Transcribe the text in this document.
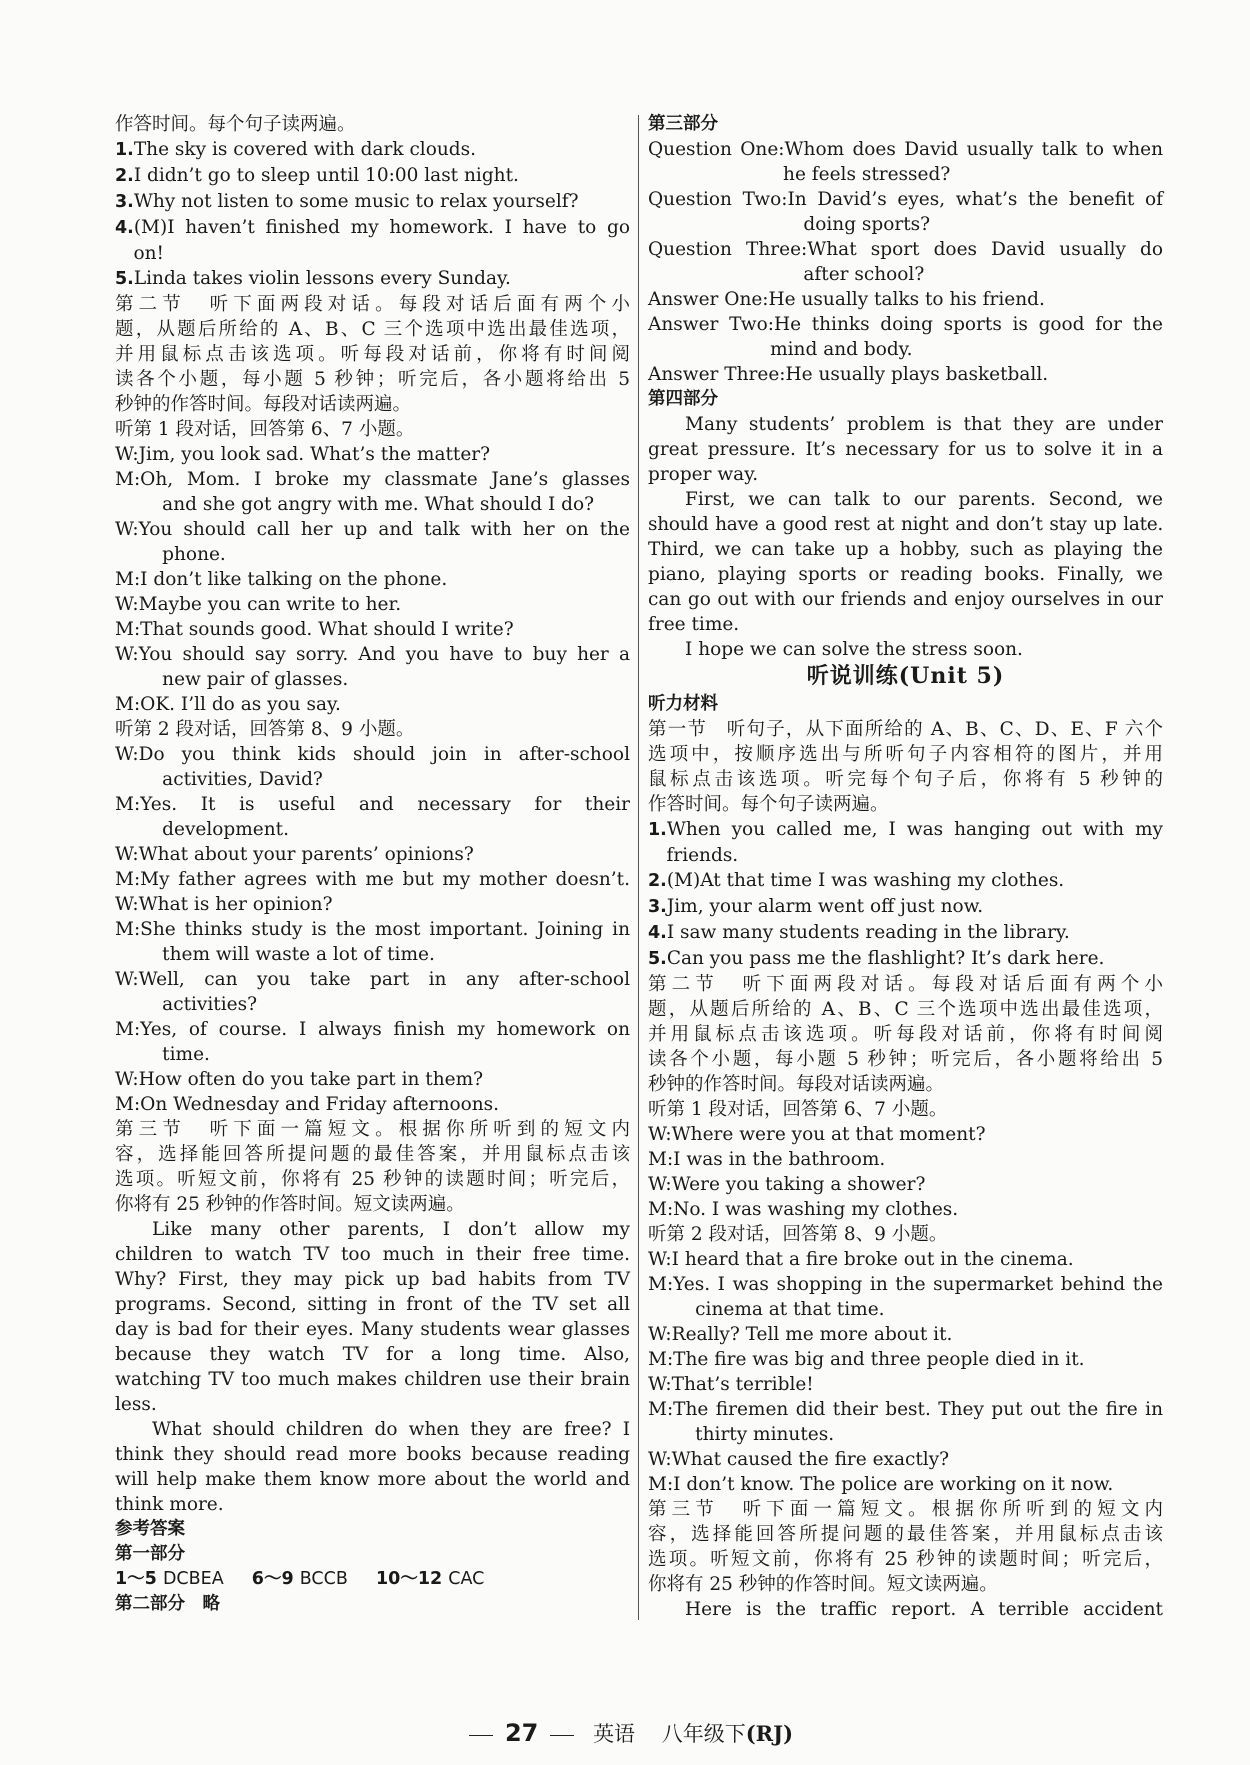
作答时间。每个句子读两遍。
1.The sky is covered with dark clouds.
2.I didn’t go to sleep until 10:00 last night.
3.Why not listen to some music to relax yourself?
4.(M)I haven’t finished my homework. I have to go
on!
5.Linda takes violin lessons every Sunday.
第二节　听下面两段对话。每段对话后面有两个小
题，从题后所给的 A、B、C 三个选项中选出最佳选项，
并用鼠标点击该选项。听每段对话前，你将有时间阅
读各个小题，每小题 5 秒钟；听完后，各小题将给出 5
秒钟的作答时间。每段对话读两遍。
听第 1 段对话，回答第 6、7 小题。
W:Jim, you look sad. What’s the matter?
M:Oh, Mom. I broke my classmate Jane’s glasses
and she got angry with me. What should I do?
W:You should call her up and talk with her on the
phone.
M:I don’t like talking on the phone.
W:Maybe you can write to her.
M:That sounds good. What should I write?
W:You should say sorry. And you have to buy her a
new pair of glasses.
M:OK. I’ll do as you say.
听第 2 段对话，回答第 8、9 小题。
W:Do you think kids should join in after-school
activities, David?
M:Yes. It is useful and necessary for their
development.
W:What about your parents’ opinions?
M:My father agrees with me but my mother doesn’t.
W:What is her opinion?
M:She thinks study is the most important. Joining in
them will waste a lot of time.
W:Well, can you take part in any after-school
activities?
M:Yes, of course. I always finish my homework on
time.
W:How often do you take part in them?
M:On Wednesday and Friday afternoons.
第三节　听下面一篇短文。根据你所听到的短文内
容，选择能回答所提问题的最佳答案，并用鼠标点击该
选项。听短文前，你将有 25 秒钟的读题时间；听完后，
你将有 25 秒钟的作答时间。短文读两遍。
Like many other parents, I don’t allow my
children to watch TV too much in their free time.
Why? First, they may pick up bad habits from TV
programs. Second, sitting in front of the TV set all
day is bad for their eyes. Many students wear glasses
because they watch TV for a long time. Also,
watching TV too much makes children use their brain
less.
What should children do when they are free? I
think they should read more books because reading
will help make them know more about the world and
think more.
参考答案
第一部分
1～5 DCBEA 6～9 BCCB 10～12 CAC
第二部分　略
第三部分
Question One:Whom does David usually talk to when
he feels stressed?
Question Two:In David’s eyes, what’s the benefit of
doing sports?
Question Three:What sport does David usually do
after school?
Answer One:He usually talks to his friend.
Answer Two:He thinks doing sports is good for the
mind and body.
Answer Three:He usually plays basketball.
第四部分
Many students’ problem is that they are under
great pressure. It’s necessary for us to solve it in a
proper way.
First, we can talk to our parents. Second, we
should have a good rest at night and don’t stay up late.
Third, we can take up a hobby, such as playing the
piano, playing sports or reading books. Finally, we
can go out with our friends and enjoy ourselves in our
free time.
I hope we can solve the stress soon.
听说训练(Unit 5)
听力材料
第一节　听句子，从下面所给的 A、B、C、D、E、F 六个
选项中，按顺序选出与所听句子内容相符的图片，并用
鼠标点击该选项。听完每个句子后，你将有 5 秒钟的
作答时间。每个句子读两遍。
1.When you called me, I was hanging out with my
friends.
2.(M)At that time I was washing my clothes.
3.Jim, your alarm went off just now.
4.I saw many students reading in the library.
5.Can you pass me the flashlight? It’s dark here.
第二节　听下面两段对话。每段对话后面有两个小
题，从题后所给的 A、B、C 三个选项中选出最佳选项，
并用鼠标点击该选项。听每段对话前，你将有时间阅
读各个小题，每小题 5 秒钟；听完后，各小题将给出 5
秒钟的作答时间。每段对话读两遍。
听第 1 段对话，回答第 6、7 小题。
W:Where were you at that moment?
M:I was in the bathroom.
W:Were you taking a shower?
M:No. I was washing my clothes.
听第 2 段对话，回答第 8、9 小题。
W:I heard that a fire broke out in the cinema.
M:Yes. I was shopping in the supermarket behind the
cinema at that time.
W:Really? Tell me more about it.
M:The fire was big and three people died in it.
W:That’s terrible!
M:The firemen did their best. They put out the fire in
thirty minutes.
W:What caused the fire exactly?
M:I don’t know. The police are working on it now.
第三节　听下面一篇短文。根据你所听到的短文内
容，选择能回答所提问题的最佳答案，并用鼠标点击该
选项。听短文前，你将有 25 秒钟的读题时间；听完后，
你将有 25 秒钟的作答时间。短文读两遍。
Here is the traffic report. A terrible accident
27	英语 八年级下(RJ)
